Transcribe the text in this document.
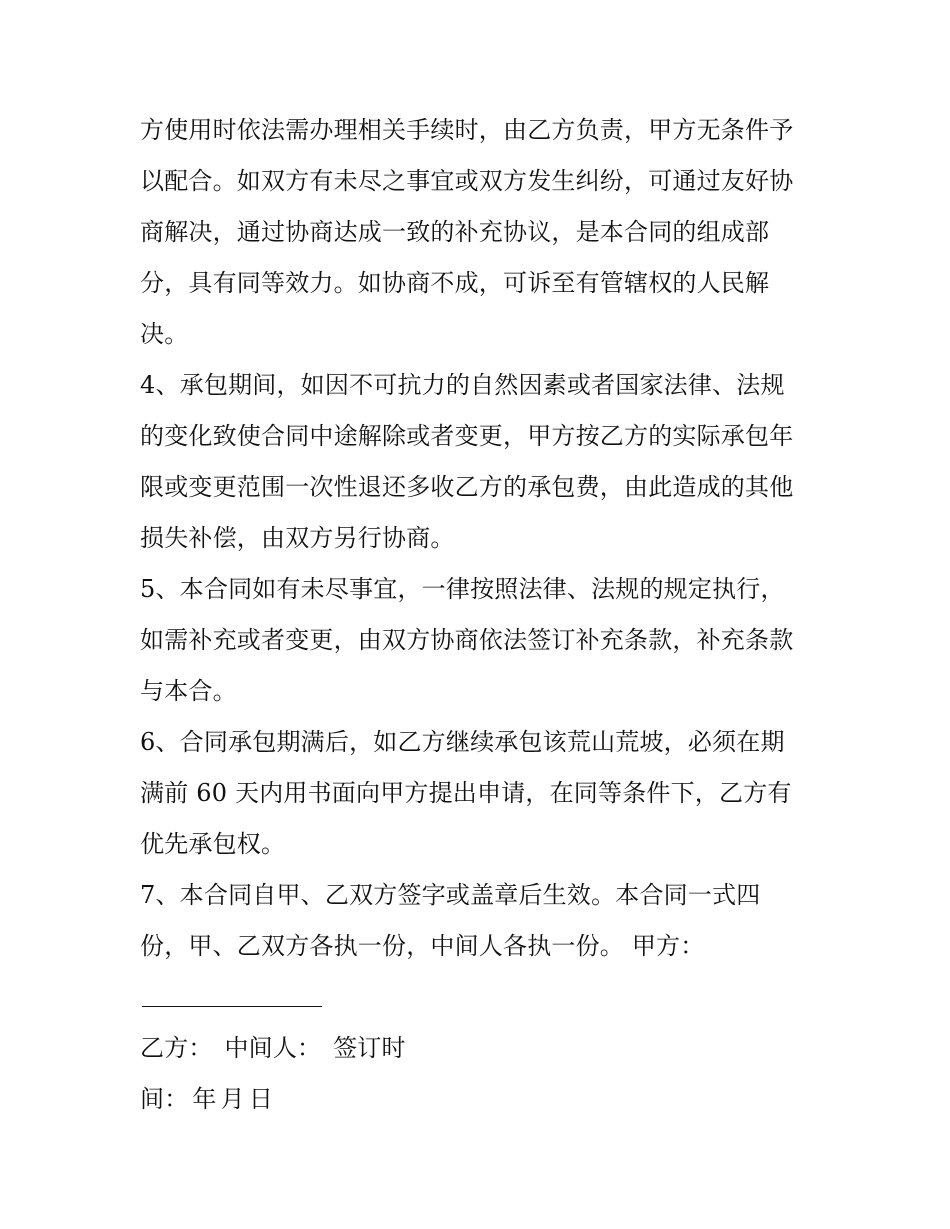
方使用时依法需办理相关手续时，由乙方负责，甲方无条件予
以配合。如双方有未尽之事宜或双方发生纠纷，可通过友好协
商解决，通过协商达成一致的补充协议，是本合同的组成部
分，具有同等效力。如协商不成，可诉至有管辖权的人民解
决。
4、承包期间，如因不可抗力的自然因素或者国家法律、法规
的变化致使合同中途解除或者变更，甲方按乙方的实际承包年
限或变更范围一次性退还多收乙方的承包费，由此造成的其他
损失补偿，由双方另行协商。
5、本合同如有未尽事宜，一律按照法律、法规的规定执行，
如需补充或者变更，由双方协商依法签订补充条款，补充条款
与本合。
6、合同承包期满后，如乙方继续承包该荒山荒坡，必须在期
满前 60 天内用书面向甲方提出申请，在同等条件下，乙方有
优先承包权。
7、本合同自甲、乙双方签字或盖章后生效。本合同一式四
份，甲、乙双方各执一份，中间人各执一份。 甲方：
乙方： 中间人： 签订时
间： 年 月 日
